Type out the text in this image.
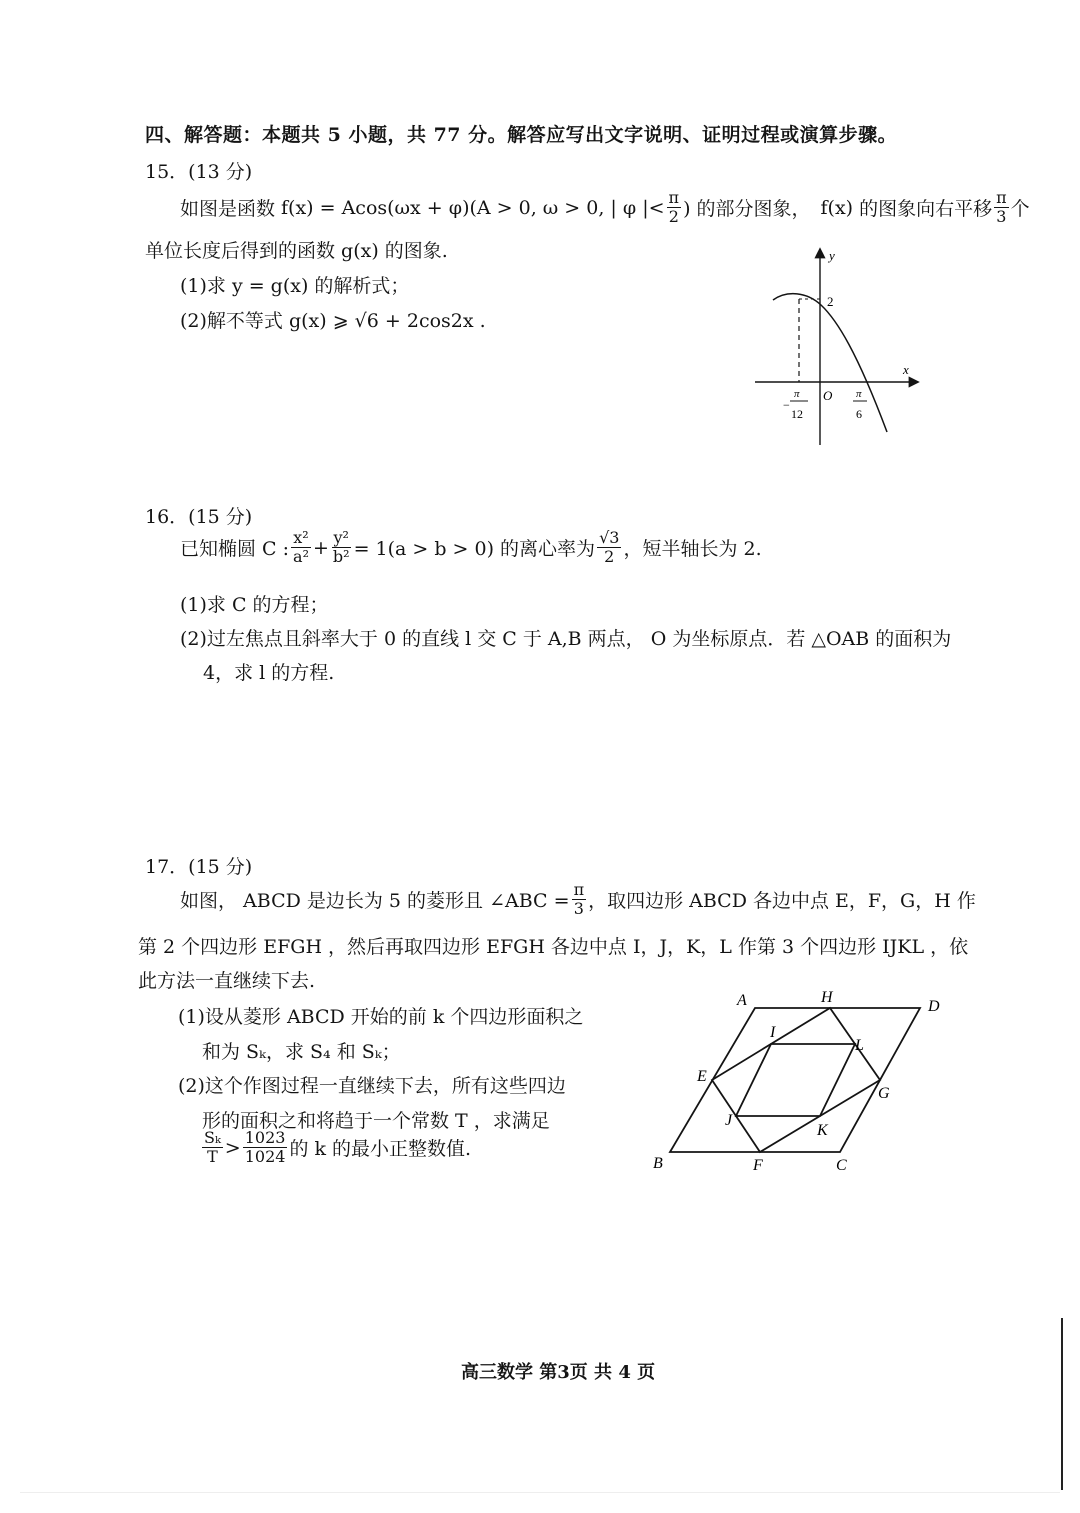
四、解答题：本题共 5 小题，共 77 分。解答应写出文字说明、证明过程或演算步骤。
15．(13 分)
如图是函数 f(x) = Acos(ωx + φ)(A > 0, ω > 0, | φ |< $\frac{\pi}{2}$ ) 的部分图象， f(x) 的图象向右平移 $\frac{\pi}{3}$ 个
单位长度后得到的函数 g(x) 的图象.
(1)求 y = g(x) 的解析式；
(2)解不等式 g(x) ⩾ √6 + 2cos2x .
y
x
2
O
−
π
12
π
6
16．(15 分)
已知椭圆 C : $\frac{\text{x²}}{\text{a²}} + \frac{\text{y²}}{\text{b²}} = 1(a > b > 0)$ 的离心率为 $\frac{√3}{2}$ ，短半轴长为 2.
(1)求 C 的方程；
(2)过左焦点且斜率大于 0 的直线 l 交 C 于 A,B 两点， O 为坐标原点．若 △OAB 的面积为
4，求 l 的方程.
17．(15 分)
如图， ABCD 是边长为 5 的菱形且 ∠ABC = $\frac{\pi}{3}$ ，取四边形 ABCD 各边中点 E，F，G，H 作
第 2 个四边形 EFGH ，然后再取四边形 EFGH 各边中点 I，J，K，L 作第 3 个四边形 IJKL ，依
此方法一直继续下去.
(1)设从菱形 ABCD 开始的前 k 个四边形面积之
和为 Sₖ，求 S₄ 和 Sₖ；
(2)这个作图过程一直继续下去，所有这些四边
形的面积之和将趋于一个常数 T ，求满足
$\frac{\text{Sₖ}}{T} > \frac{1023}{1024}$ 的 k 的最小正整数值.
A	H
D
I
L
E
G
J
K
B	F	C
高三数学 第3页 共 4 页
